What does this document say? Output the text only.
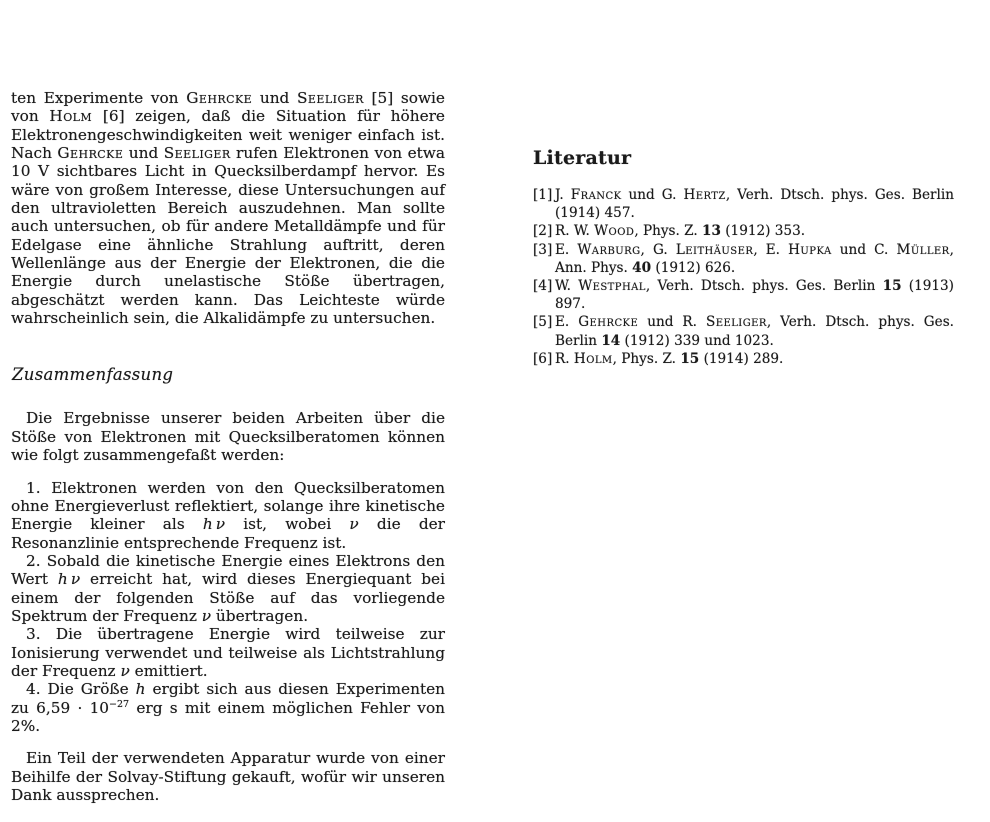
ten Experimente von Gehrcke und Seeliger [5] sowie von Holm [6] zeigen, daß die Situation für höhere Elektronengeschwindigkeiten weit weniger einfach ist. Nach Gehrcke und Seeliger rufen Elektronen von etwa 10 V sichtbares Licht in Quecksilberdampf hervor. Es wäre von großem Interesse, diese Untersuchungen auf den ultravioletten Bereich auszudehnen. Man sollte auch untersuchen, ob für andere Metalldämpfe und für Edelgase eine ähnliche Strahlung auftritt, deren Wellenlänge aus der Energie der Elektronen, die die Energie durch unelastische Stöße übertragen, abgeschätzt werden kann. Das Leichteste würde wahrscheinlich sein, die Alkalidämpfe zu untersuchen.

Zusammenfassung

Die Ergebnisse unserer beiden Arbeiten über die Stöße von Elektronen mit Quecksilberatomen können wie folgt zusammengefaßt werden:

1. Elektronen werden von den Quecksilberatomen ohne Energieverlust reflektiert, solange ihre kinetische Energie kleiner als h ν ist, wobei ν die der Resonanzlinie entsprechende Frequenz ist.

2. Sobald die kinetische Energie eines Elektrons den Wert h ν erreicht hat, wird dieses Energiequant bei einem der folgenden Stöße auf das vorliegende Spektrum der Frequenz ν übertragen.

3. Die übertragene Energie wird teilweise zur Ionisierung verwendet und teilweise als Lichtstrahlung der Frequenz ν emittiert.

4. Die Größe h ergibt sich aus diesen Experimenten zu $6,59 \cdot 10^{-27}$ erg s mit einem möglichen Fehler von 2%.

Ein Teil der verwendeten Apparatur wurde von einer Beihilfe der Solvay-Stiftung gekauft, wofür wir unseren Dank aussprechen.

Literatur
[1] J. Franck und G. Hertz, Verh. Dtsch. phys. Ges. Berlin (1914) 457.
[2] R. W. Wood, Phys. Z. 13 (1912) 353.
[3] E. Warburg, G. Leithäuser, E. Hupka und C. Müller, Ann. Phys. 40 (1912) 626.
[4] W. Westphal, Verh. Dtsch. phys. Ges. Berlin 15 (1913) 897.
[5] E. Gehrcke und R. Seeliger, Verh. Dtsch. phys. Ges. Berlin 14 (1912) 339 und 1023.
[6] R. Holm, Phys. Z. 15 (1914) 289.
